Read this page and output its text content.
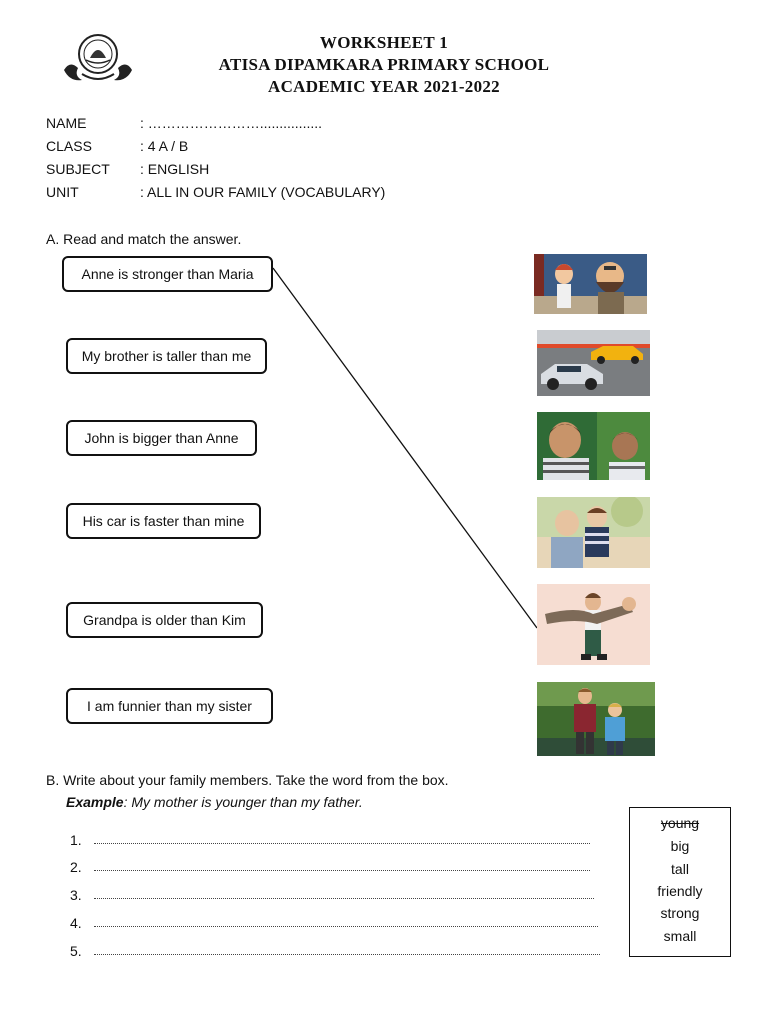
WORKSHEET 1
ATISA DIPAMKARA PRIMARY SCHOOL
ACADEMIC YEAR 2021-2022
NAME	: ……………………................
CLASS	: 4 A / B
SUBJECT : ENGLISH
UNIT	: ALL IN OUR FAMILY (VOCABULARY)
A. Read and match the answer.
Anne is stronger than Maria
My brother is taller than me
John is bigger than Anne
His car is faster than mine
Grandpa is older than Kim
I am funnier than my sister
B. Write about your family members. Take the word from the box.
Example: My mother is younger than my father.
1.
2.
3.
4.
5.
young
big
tall
friendly
strong
small
